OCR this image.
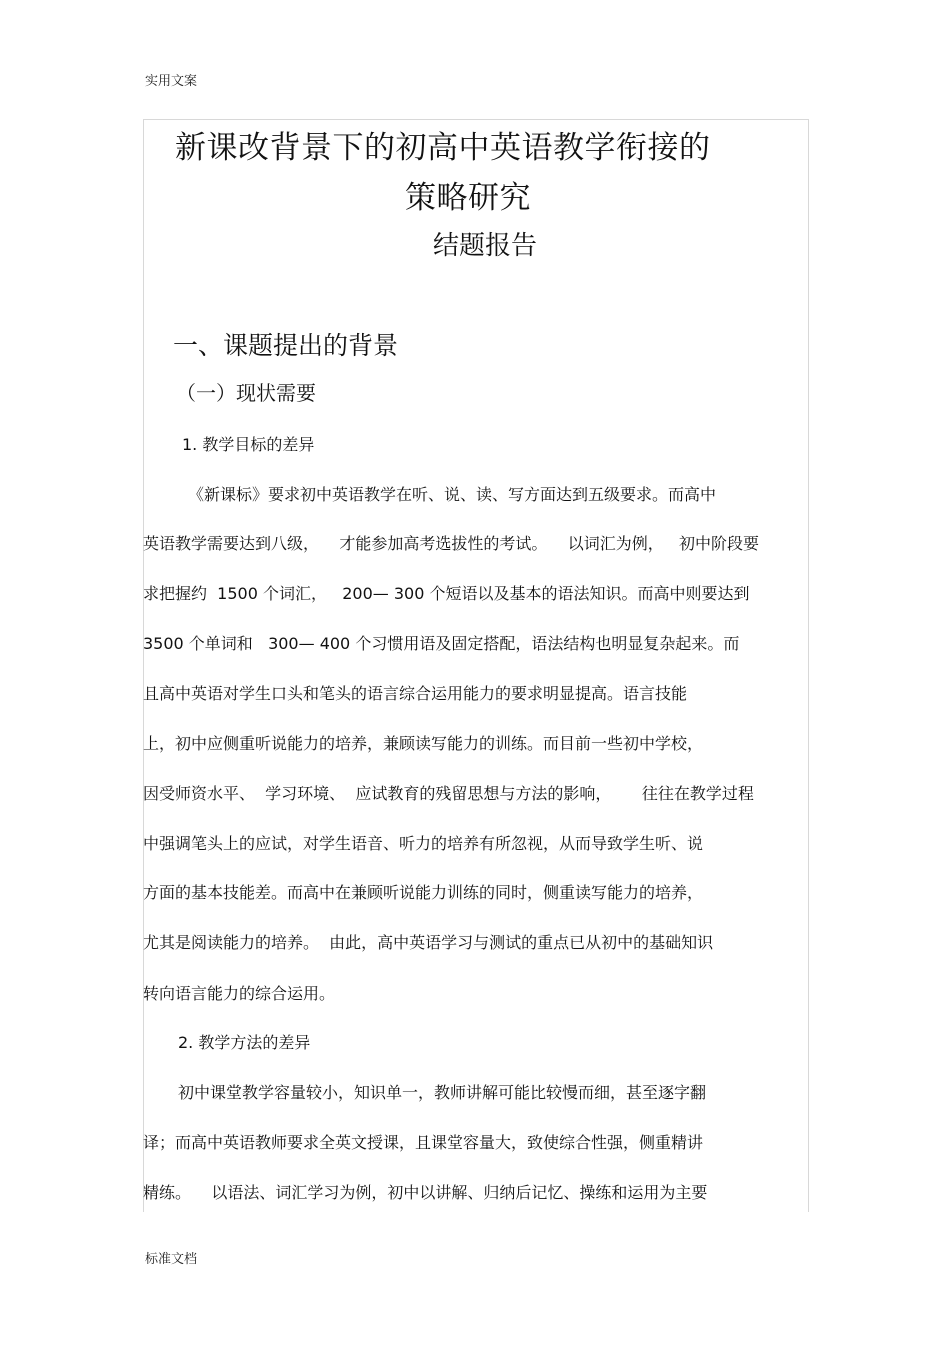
实用文案
新课改背景下的初高中英语教学衔接的
策略研究
结题报告
一、课题提出的背景
（一）现状需要
1. 教学目标的差异
《新课标》要求初中英语教学在听、说、读、写方面达到五级要求。而高中
英语教学需要达到八级，    才能参加高考选拔性的考试。    以词汇为例，   初中阶段要
求把握约  1500 个词汇，   200— 300 个短语以及基本的语法知识。而高中则要达到
3500 个单词和   300— 400 个习惯用语及固定搭配，语法结构也明显复杂起来。而
且高中英语对学生口头和笔头的语言综合运用能力的要求明显提高。语言技能
上，初中应侧重听说能力的培养，兼顾读写能力的训练。而目前一些初中学校，
因受师资水平、  学习环境、  应试教育的残留思想与方法的影响，      往往在教学过程
中强调笔头上的应试，对学生语音、听力的培养有所忽视，从而导致学生听、说
方面的基本技能差。而高中在兼顾听说能力训练的同时，侧重读写能力的培养，
尤其是阅读能力的培养。  由此，高中英语学习与测试的重点已从初中的基础知识
转向语言能力的综合运用。
2. 教学方法的差异
初中课堂教学容量较小，知识单一，教师讲解可能比较慢而细，甚至逐字翻
译；而高中英语教师要求全英文授课，且课堂容量大，致使综合性强，侧重精讲
精练。    以语法、词汇学习为例，初中以讲解、归纳后记忆、操练和运用为主要
标准文档
